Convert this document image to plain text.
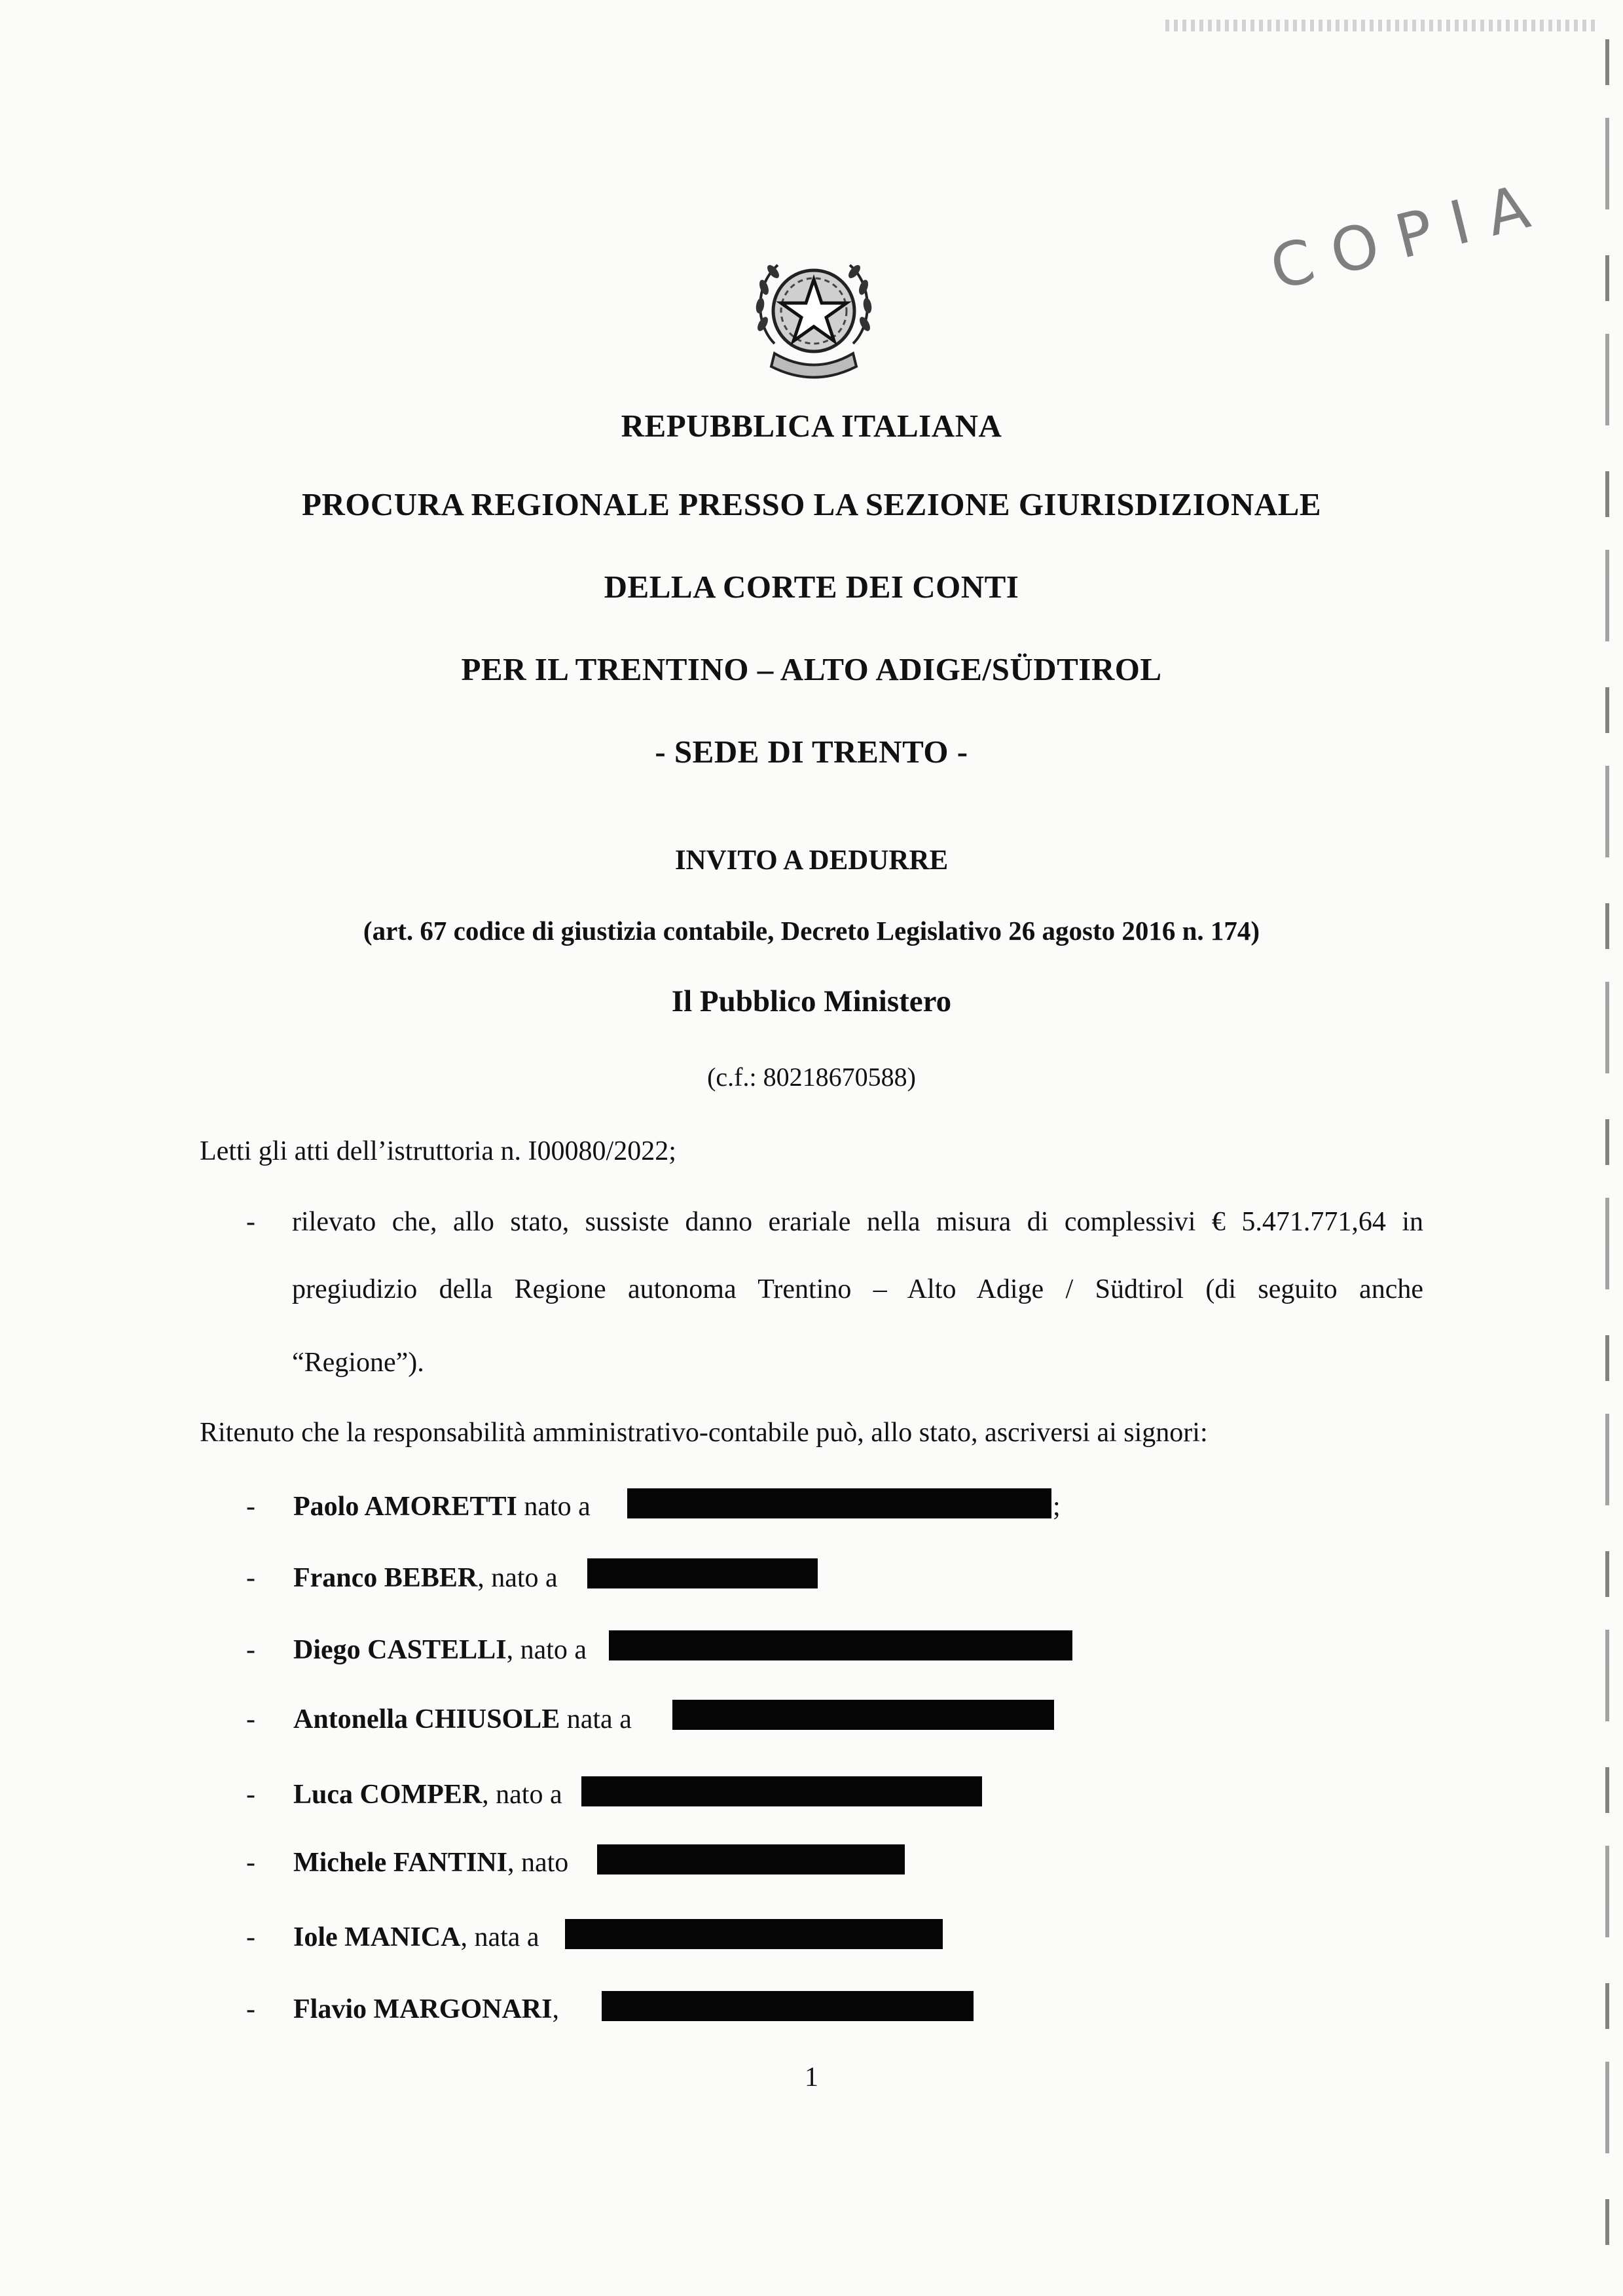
COPIA
REPUBBLICA ITALIANA
PROCURA REGIONALE PRESSO LA SEZIONE GIURISDIZIONALE
DELLA CORTE DEI CONTI
PER IL TRENTINO – ALTO ADIGE/SÜDTIROL
- SEDE DI TRENTO -
INVITO A DEDURRE
(art. 67 codice di giustizia contabile, Decreto Legislativo 26 agosto 2016 n. 174)
Il Pubblico Ministero
(c.f.: 80218670588)
Letti gli atti dell’istruttoria n. I00080/2022;
- rilevato che, allo stato, sussiste danno erariale nella misura di complessivi € 5.471.771,64 in
pregiudizio della Regione autonoma Trentino – Alto Adige / Südtirol (di seguito anche
“Regione”).
Ritenuto che la responsabilità amministrativo-contabile può, allo stato, ascriversi ai signori:
- Paolo AMORETTI nato a	;
- Franco BEBER, nato a
- Diego CASTELLI, nato a
- Antonella CHIUSOLE nata a
- Luca COMPER, nato a
- Michele FANTINI, nato
- Iole MANICA, nata a
- Flavio MARGONARI,
1
